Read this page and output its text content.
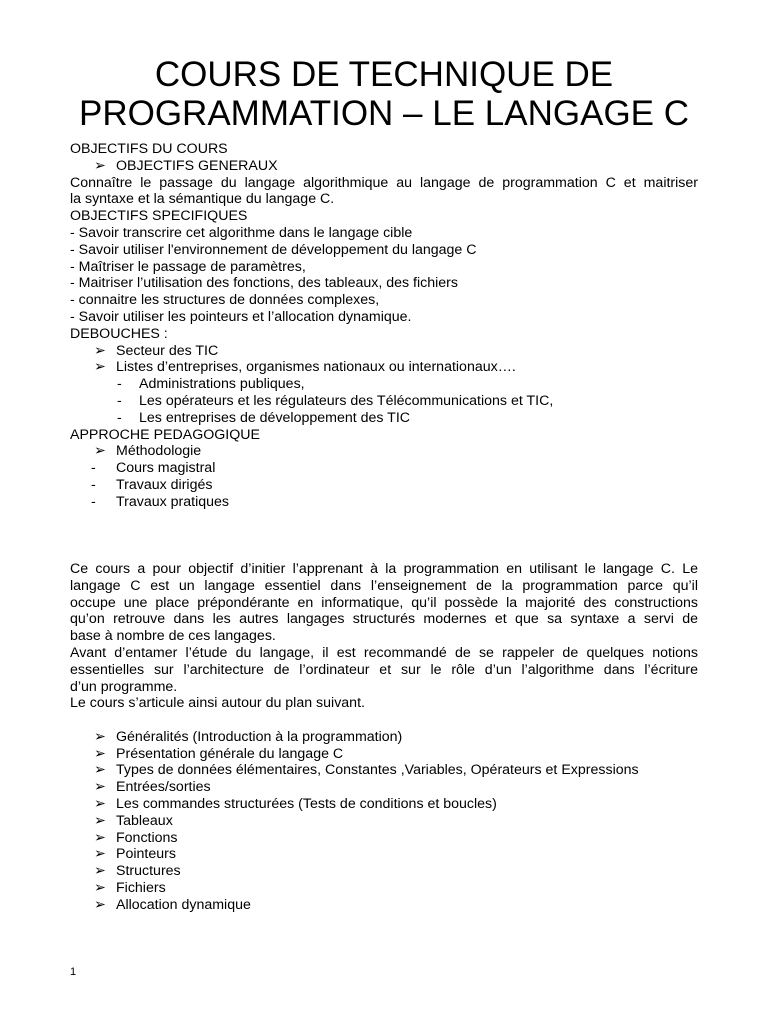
COURS DE TECHNIQUE DE
PROGRAMMATION – LE LANGAGE C
OBJECTIFS DU COURS
➢ OBJECTIFS GENERAUX
Connaître le passage du langage algorithmique au langage de programmation C et maitriser
la syntaxe et la sémantique du langage C.
OBJECTIFS SPECIFIQUES
- Savoir transcrire cet algorithme dans le langage cible
- Savoir utiliser l'environnement de développement du langage C
- Maîtriser le passage de paramètres,
- Maitriser l’utilisation des fonctions, des tableaux, des fichiers
- connaitre les structures de données complexes,
- Savoir utiliser les pointeurs et l’allocation dynamique.
DEBOUCHES :
➢ Secteur des TIC
➢ Listes d’entreprises, organismes nationaux ou internationaux….
- Administrations publiques,
- Les opérateurs et les régulateurs des Télécommunications et TIC,
- Les entreprises de développement des TIC
APPROCHE PEDAGOGIQUE
➢ Méthodologie
- Cours magistral
- Travaux dirigés
- Travaux pratiques
Ce cours a pour objectif d’initier l’apprenant à la programmation en utilisant le langage C. Le
langage C est un langage essentiel dans l’enseignement de la programmation parce qu’il
occupe une place prépondérante en informatique, qu’il possède la majorité des constructions
qu’on retrouve dans les autres langages structurés modernes et que sa syntaxe a servi de
base à nombre de ces langages.
Avant d’entamer l’étude du langage, il est recommandé de se rappeler de quelques notions
essentielles sur l’architecture de l’ordinateur et sur le rôle d’un l’algorithme dans l’écriture
d’un programme.
Le cours s’articule ainsi autour du plan suivant.
➢ Généralités (Introduction à la programmation)
➢ Présentation générale du langage C
➢ Types de données élémentaires, Constantes ,Variables, Opérateurs et Expressions
➢ Entrées/sorties
➢ Les commandes structurées (Tests de conditions et boucles)
➢ Tableaux
➢ Fonctions
➢ Pointeurs
➢ Structures
➢ Fichiers
➢ Allocation dynamique
1
